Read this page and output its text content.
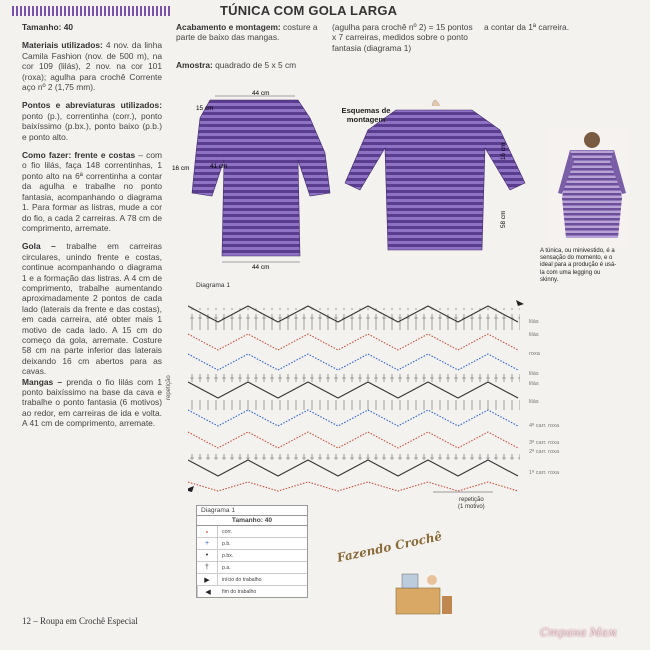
TÚNICA COM GOLA LARGA

Tamanho: 40

Materiais utilizados: 4 nov. da linha Camila Fashion (nov. de 500 m), na cor 109 (lilás), 2 nov. na cor 101 (roxa); agulha para crochê Corrente aço nº 2 (1,75 mm).

Pontos e abreviaturas utilizados: ponto (p.), correntinha (corr.), ponto baixíssimo (p.bx.), ponto baixo (p.b.) e ponto alto.

Como fazer: frente e costas – com o fio lilás, faça 148 correntinhas, 1 ponto alto na 6ª correntinha a contar da agulha e trabalhe no ponto fantasia, acompanhando o diagrama 1. Para formar as listras, mude a cor do fio, a cada 2 carreiras. A 78 cm de comprimento, arremate.

Gola – trabalhe em carreiras circulares, unindo frente e costas, continue acompanhando o diagrama 1 e a formação das listras. A 4 cm de comprimento, trabalhe aumentando aproximadamente 2 pontos de cada lado (laterais da frente e das costas), em cada carreira, até obter mais 1 motivo de cada lado. A 15 cm do começo da gola, arremate. Costure 58 cm na parte inferior das laterais deixando 16 cm abertos para as cavas.

Mangas – prenda o fio lilás com 1 ponto baixíssimo na base da cava e trabalhe o ponto fantasia (6 motivos) ao redor, em carreiras de ida e volta. A 41 cm de comprimento, arremate.

Acabamento e montagem: costure a parte de baixo das mangas.
Amostra: quadrado de 5 x 5 cm
(agulha para crochê nº 2) = 15 pontos x 7 carreiras, medidos sobre o ponto fantasia (diagrama 1)
a contar da 1ª carreira.
44 cm
15 cm
41 cm
16 cm
44 cm
16 cm
58 cm
Esquemas de montagem
A túnica, ou minivestido, é a sensação do momento, e o ideal para a produção é usá-la com uma legging ou skinny.
Diagrama 1
lilás
lilás
roxa
lilás
lilás
lilás
4ª carr. roxa
3ª carr. roxa
2ª carr. roxa
1ª carr. roxa
repetição
repetição
(1 motivo)
Diagrama 1
Tamanho: 40
∘	corr.
+	p.b.
•	p.bx.
†	p.a.
▶	início do trabalho
▶	fim do trabalho
Fazendo Crochê
12 – Roupa em Crochê Especial
Страна Мам
